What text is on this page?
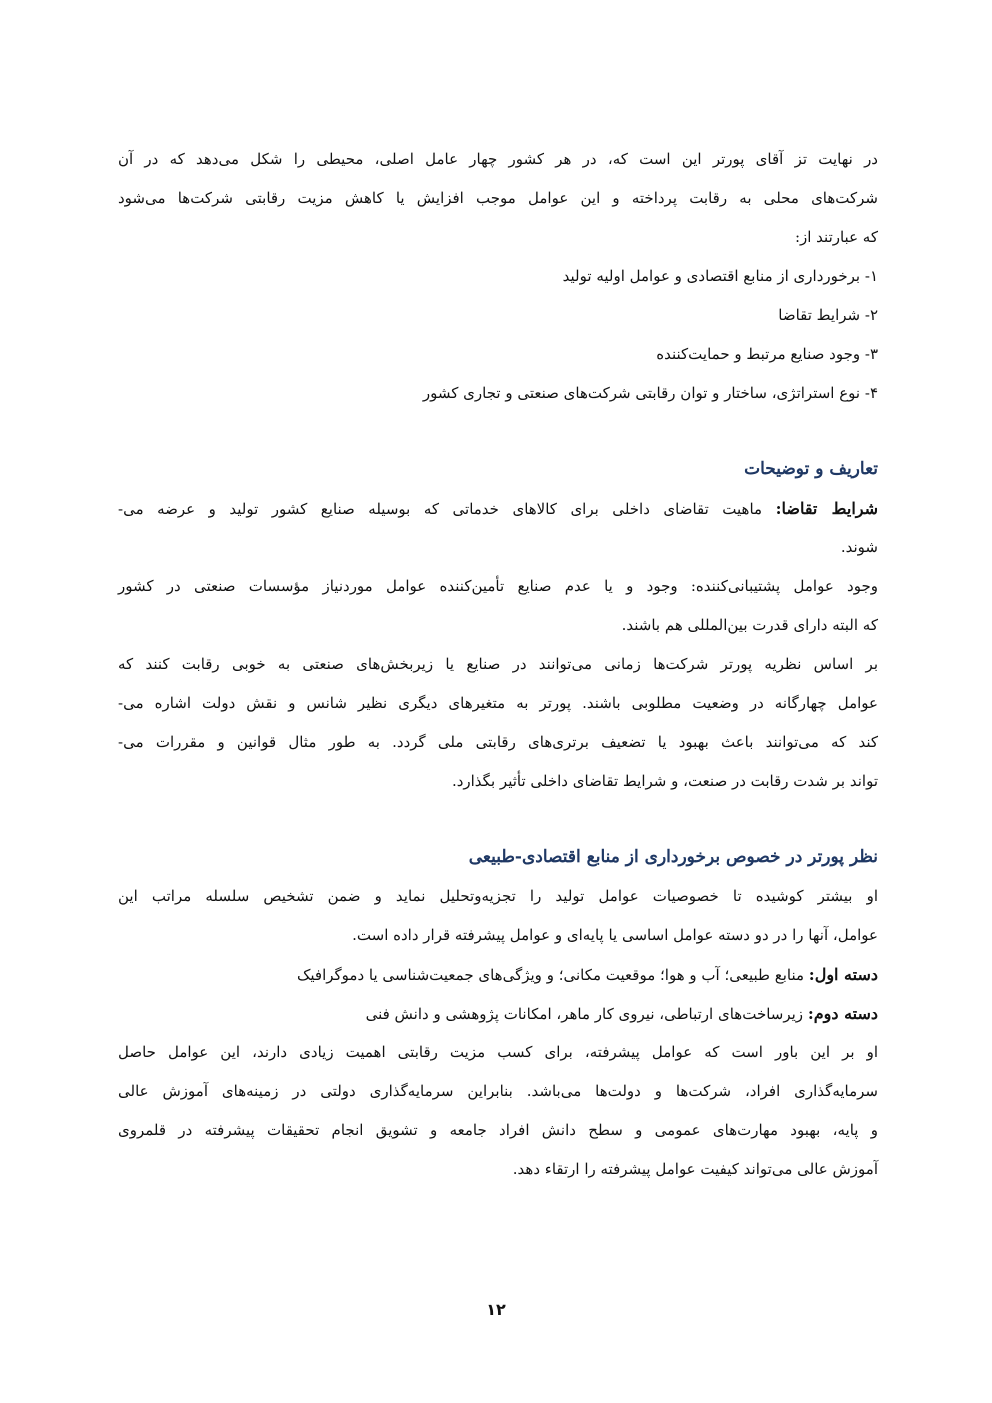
در نهایت تز آقای پورتر این است که، در هر کشور چهار عامل اصلی، محیطی را شکل می‌دهد که در آن
شرکت‌های محلی به رقابت پرداخته و این عوامل موجب افزایش یا کاهش مزیت رقابتی شرکت‌ها می‌شود
که عبارتند از:
۱- برخورداری از منابع اقتصادی و عوامل اولیه تولید
۲- شرایط تقاضا
۳- وجود صنایع مرتبط و حمایت‌کننده
۴- نوع استراتژی، ساختار و توان رقابتی شرکت‌های صنعتی و تجاری کشور
تعاریف و توضیحات
شرایط تقاضا: ماهیت تقاضای داخلی برای کالاهای خدماتی که بوسیله صنایع کشور تولید و عرضه می-
شوند.
وجود عوامل پشتیبانی‌کننده: وجود و یا عدم صنایع تأمین‌کننده عوامل موردنیاز مؤسسات صنعتی در کشور
که البته دارای قدرت بین‌المللی هم باشند.
بر اساس نظریه پورتر شرکت‌ها زمانی می‌توانند در صنایع یا زیربخش‌های صنعتی به خوبی رقابت کنند که
عوامل چهارگانه در وضعیت مطلوبی باشند. پورتر به متغیرهای دیگری نظیر شانس و نقش دولت اشاره می-
کند که می‌توانند باعث بهبود یا تضعیف برتری‌های رقابتی ملی گردد. به طور مثال قوانین و مقررات می-
تواند بر شدت رقابت در صنعت، و شرایط تقاضای داخلی تأثیر بگذارد.
نظر پورتر در خصوص برخورداری از منابع اقتصادی-طبیعی
او بیشتر کوشیده تا خصوصیات عوامل تولید را تجزیه‌وتحلیل نماید و ضمن تشخیص سلسله مراتب این
عوامل، آنها را در دو دسته عوامل اساسی یا پایه‌ای و عوامل پیشرفته قرار داده است.
دسته اول: منابع طبیعی؛ آب و هوا؛ موقعیت مکانی؛ و ویژگی‌های جمعیت‌شناسی یا دموگرافیک
دسته دوم: زیرساخت‌های ارتباطی، نیروی کار ماهر، امکانات پژوهشی و دانش فنی
او بر این باور است که عوامل پیشرفته، برای کسب مزیت رقابتی اهمیت زیادی دارند، این عوامل حاصل
سرمایه‌گذاری افراد، شرکت‌ها و دولت‌ها می‌باشد. بنابراین سرمایه‌گذاری دولتی در زمینه‌های آموزش عالی
و پایه، بهبود مهارت‌های عمومی و سطح دانش افراد جامعه و تشویق انجام تحقیقات پیشرفته در قلمروی
آموزش عالی می‌تواند کیفیت عوامل پیشرفته را ارتقاء دهد.
۱۲
